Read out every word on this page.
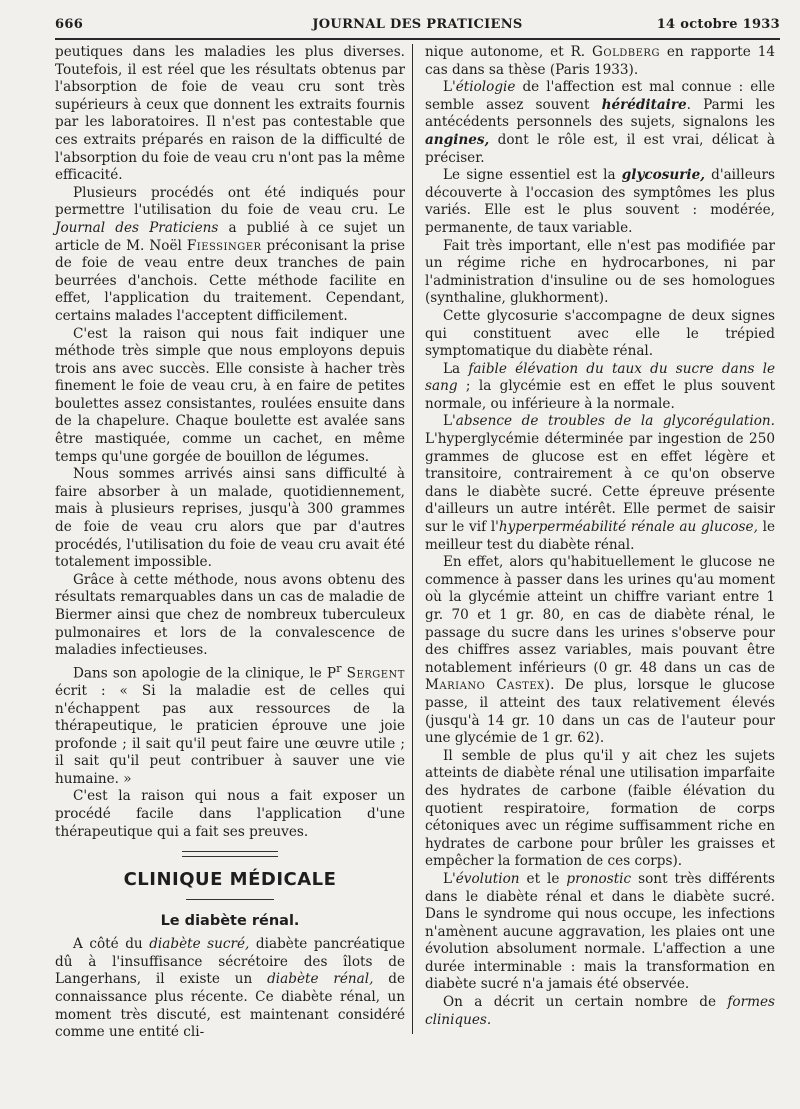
666	JOURNAL DES PRATICIENS	14 octobre 1933

peutiques dans les maladies les plus diverses. Toutefois, il est réel que les résultats obtenus par l'absorption de foie de veau cru sont très supérieurs à ceux que donnent les extraits fournis par les laboratoires. Il n'est pas contestable que ces extraits préparés en raison de la difficulté de l'absorption du foie de veau cru n'ont pas la même efficacité.

Plusieurs procédés ont été indiqués pour permettre l'utilisation du foie de veau cru. Le Journal des Praticiens a publié à ce sujet un article de M. Noël Fiessinger préconisant la prise de foie de veau entre deux tranches de pain beurrées d'anchois. Cette méthode facilite en effet, l'application du traitement. Cependant, certains malades l'acceptent difficilement.

C'est la raison qui nous fait indiquer une méthode très simple que nous employons depuis trois ans avec succès. Elle consiste à hacher très finement le foie de veau cru, à en faire de petites boulettes assez consistantes, roulées ensuite dans de la chapelure. Chaque boulette est avalée sans être mastiquée, comme un cachet, en même temps qu'une gorgée de bouillon de légumes.

Nous sommes arrivés ainsi sans difficulté à faire absorber à un malade, quotidiennement, mais à plusieurs reprises, jusqu'à 300 grammes de foie de veau cru alors que par d'autres procédés, l'utilisation du foie de veau cru avait été totalement impossible.

Grâce à cette méthode, nous avons obtenu des résultats remarquables dans un cas de maladie de Biermer ainsi que chez de nombreux tuberculeux pulmonaires et lors de la convalescence de maladies infectieuses.

Dans son apologie de la clinique, le $P^r$ Sergent écrit : « Si la maladie est de celles qui n'échappent pas aux ressources de la thérapeutique, le praticien éprouve une joie profonde ; il sait qu'il peut faire une œuvre utile ; il sait qu'il peut contribuer à sauver une vie humaine. »

C'est la raison qui nous a fait exposer un procédé facile dans l'application d'une thérapeutique qui a fait ses preuves.

CLINIQUE MÉDICALE
Le diabète rénal.

A côté du diabète sucré, diabète pancréatique dû à l'insuffisance sécrétoire des îlots de Langerhans, il existe un diabète rénal, de connaissance plus récente. Ce diabète rénal, un moment très discuté, est maintenant considéré comme une entité cli-

nique autonome, et R. Goldberg en rapporte 14 cas dans sa thèse (Paris 1933).

L'étiologie de l'affection est mal connue : elle semble assez souvent héréditaire. Parmi les antécédents personnels des sujets, signalons les angines, dont le rôle est, il est vrai, délicat à préciser.

Le signe essentiel est la glycosurie, d'ailleurs découverte à l'occasion des symptômes les plus variés. Elle est le plus souvent : modérée, permanente, de taux variable.

Fait très important, elle n'est pas modifiée par un régime riche en hydrocarbones, ni par l'administration d'insuline ou de ses homologues (synthaline, glukhorment).

Cette glycosurie s'accompagne de deux signes qui constituent avec elle le trépied symptomatique du diabète rénal.

La faible élévation du taux du sucre dans le sang ; la glycémie est en effet le plus souvent normale, ou inférieure à la normale.

L'absence de troubles de la glycorégulation. L'hyperglycémie déterminée par ingestion de 250 grammes de glucose est en effet légère et transitoire, contrairement à ce qu'on observe dans le diabète sucré. Cette épreuve présente d'ailleurs un autre intérêt. Elle permet de saisir sur le vif l'hyperperméabilité rénale au glucose, le meilleur test du diabète rénal.

En effet, alors qu'habituellement le glucose ne commence à passer dans les urines qu'au moment où la glycémie atteint un chiffre variant entre 1 gr. 70 et 1 gr. 80, en cas de diabète rénal, le passage du sucre dans les urines s'observe pour des chiffres assez variables, mais pouvant être notablement inférieurs (0 gr. 48 dans un cas de Mariano Castex). De plus, lorsque le glucose passe, il atteint des taux relativement élevés (jusqu'à 14 gr. 10 dans un cas de l'auteur pour une glycémie de 1 gr. 62).

Il semble de plus qu'il y ait chez les sujets atteints de diabète rénal une utilisation imparfaite des hydrates de carbone (faible élévation du quotient respiratoire, formation de corps cétoniques avec un régime suffisamment riche en hydrates de carbone pour brûler les graisses et empêcher la formation de ces corps).

L'évolution et le pronostic sont très différents dans le diabète rénal et dans le diabète sucré. Dans le syndrome qui nous occupe, les infections n'amènent aucune aggravation, les plaies ont une évolution absolument normale. L'affection a une durée interminable : mais la transformation en diabète sucré n'a jamais été observée.

On a décrit un certain nombre de formes cliniques.
